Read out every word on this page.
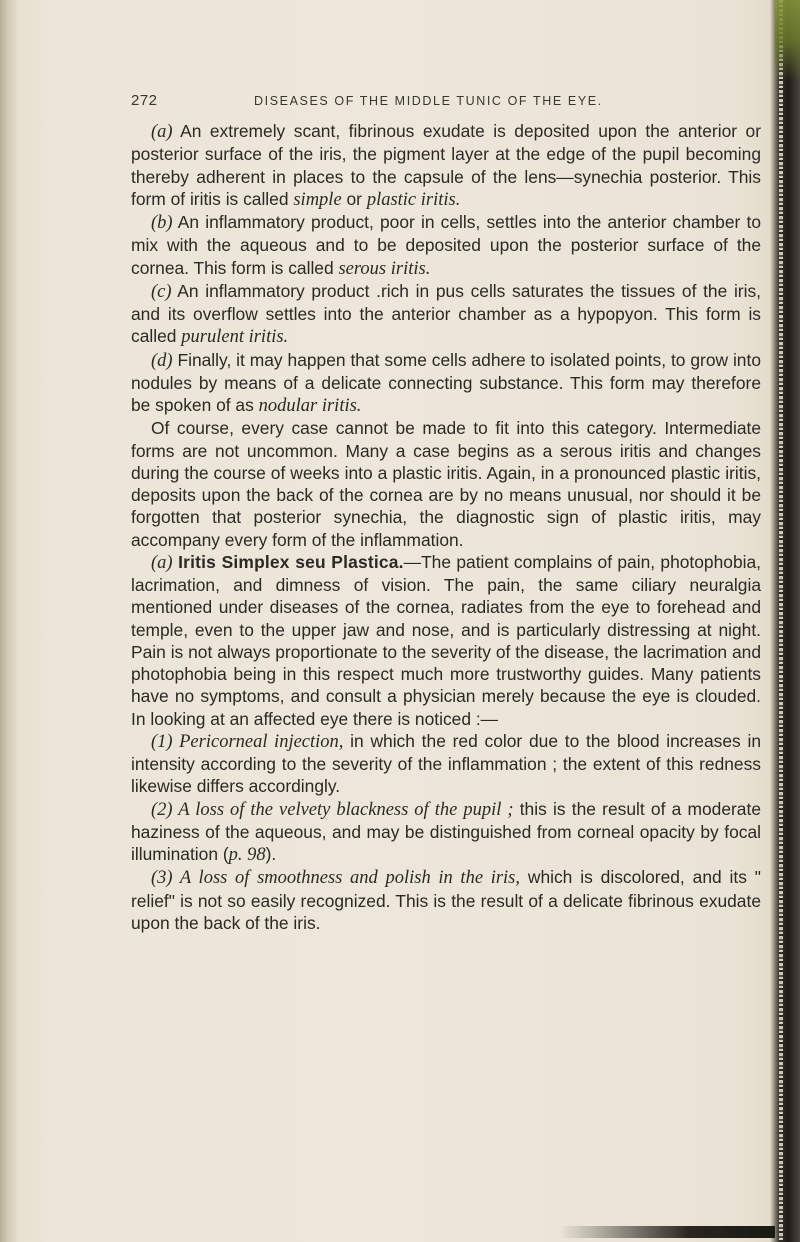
272	DISEASES OF THE MIDDLE TUNIC OF THE EYE.

(a) An extremely scant, fibrinous exudate is deposited upon the anterior or posterior surface of the iris, the pigment layer at the edge of the pupil becoming thereby adherent in places to the capsule of the lens—synechia posterior. This form of iritis is called simple or plastic iritis.

(b) An inflammatory product, poor in cells, settles into the anterior chamber to mix with the aqueous and to be deposited upon the posterior surface of the cornea. This form is called serous iritis.

(c) An inflammatory product .rich in pus cells saturates the tissues of the iris, and its overflow settles into the anterior chamber as a hypopyon. This form is called purulent iritis.

(d) Finally, it may happen that some cells adhere to isolated points, to grow into nodules by means of a delicate connecting substance. This form may therefore be spoken of as nodular iritis.

Of course, every case cannot be made to fit into this category. Intermediate forms are not uncommon. Many a case begins as a serous iritis and changes during the course of weeks into a plastic iritis. Again, in a pronounced plastic iritis, deposits upon the back of the cornea are by no means unusual, nor should it be forgotten that posterior synechia, the diagnostic sign of plastic iritis, may accompany every form of the inflammation.

(a) Iritis Simplex seu Plastica.—The patient complains of pain, photophobia, lacrimation, and dimness of vision. The pain, the same ciliary neuralgia mentioned under diseases of the cornea, radiates from the eye to forehead and temple, even to the upper jaw and nose, and is particularly distressing at night. Pain is not always proportionate to the severity of the disease, the lacrimation and photophobia being in this respect much more trustworthy guides. Many patients have no symptoms, and consult a physician merely because the eye is clouded. In looking at an affected eye there is noticed :—

(1) Pericorneal injection, in which the red color due to the blood increases in intensity according to the severity of the inflammation ; the extent of this redness likewise differs accordingly.

(2) A loss of the velvety blackness of the pupil ; this is the result of a moderate haziness of the aqueous, and may be distinguished from corneal opacity by focal illumination (p. 98).

(3) A loss of smoothness and polish in the iris, which is discolored, and its " relief" is not so easily recognized. This is the result of a delicate fibrinous exudate upon the back of the iris.
